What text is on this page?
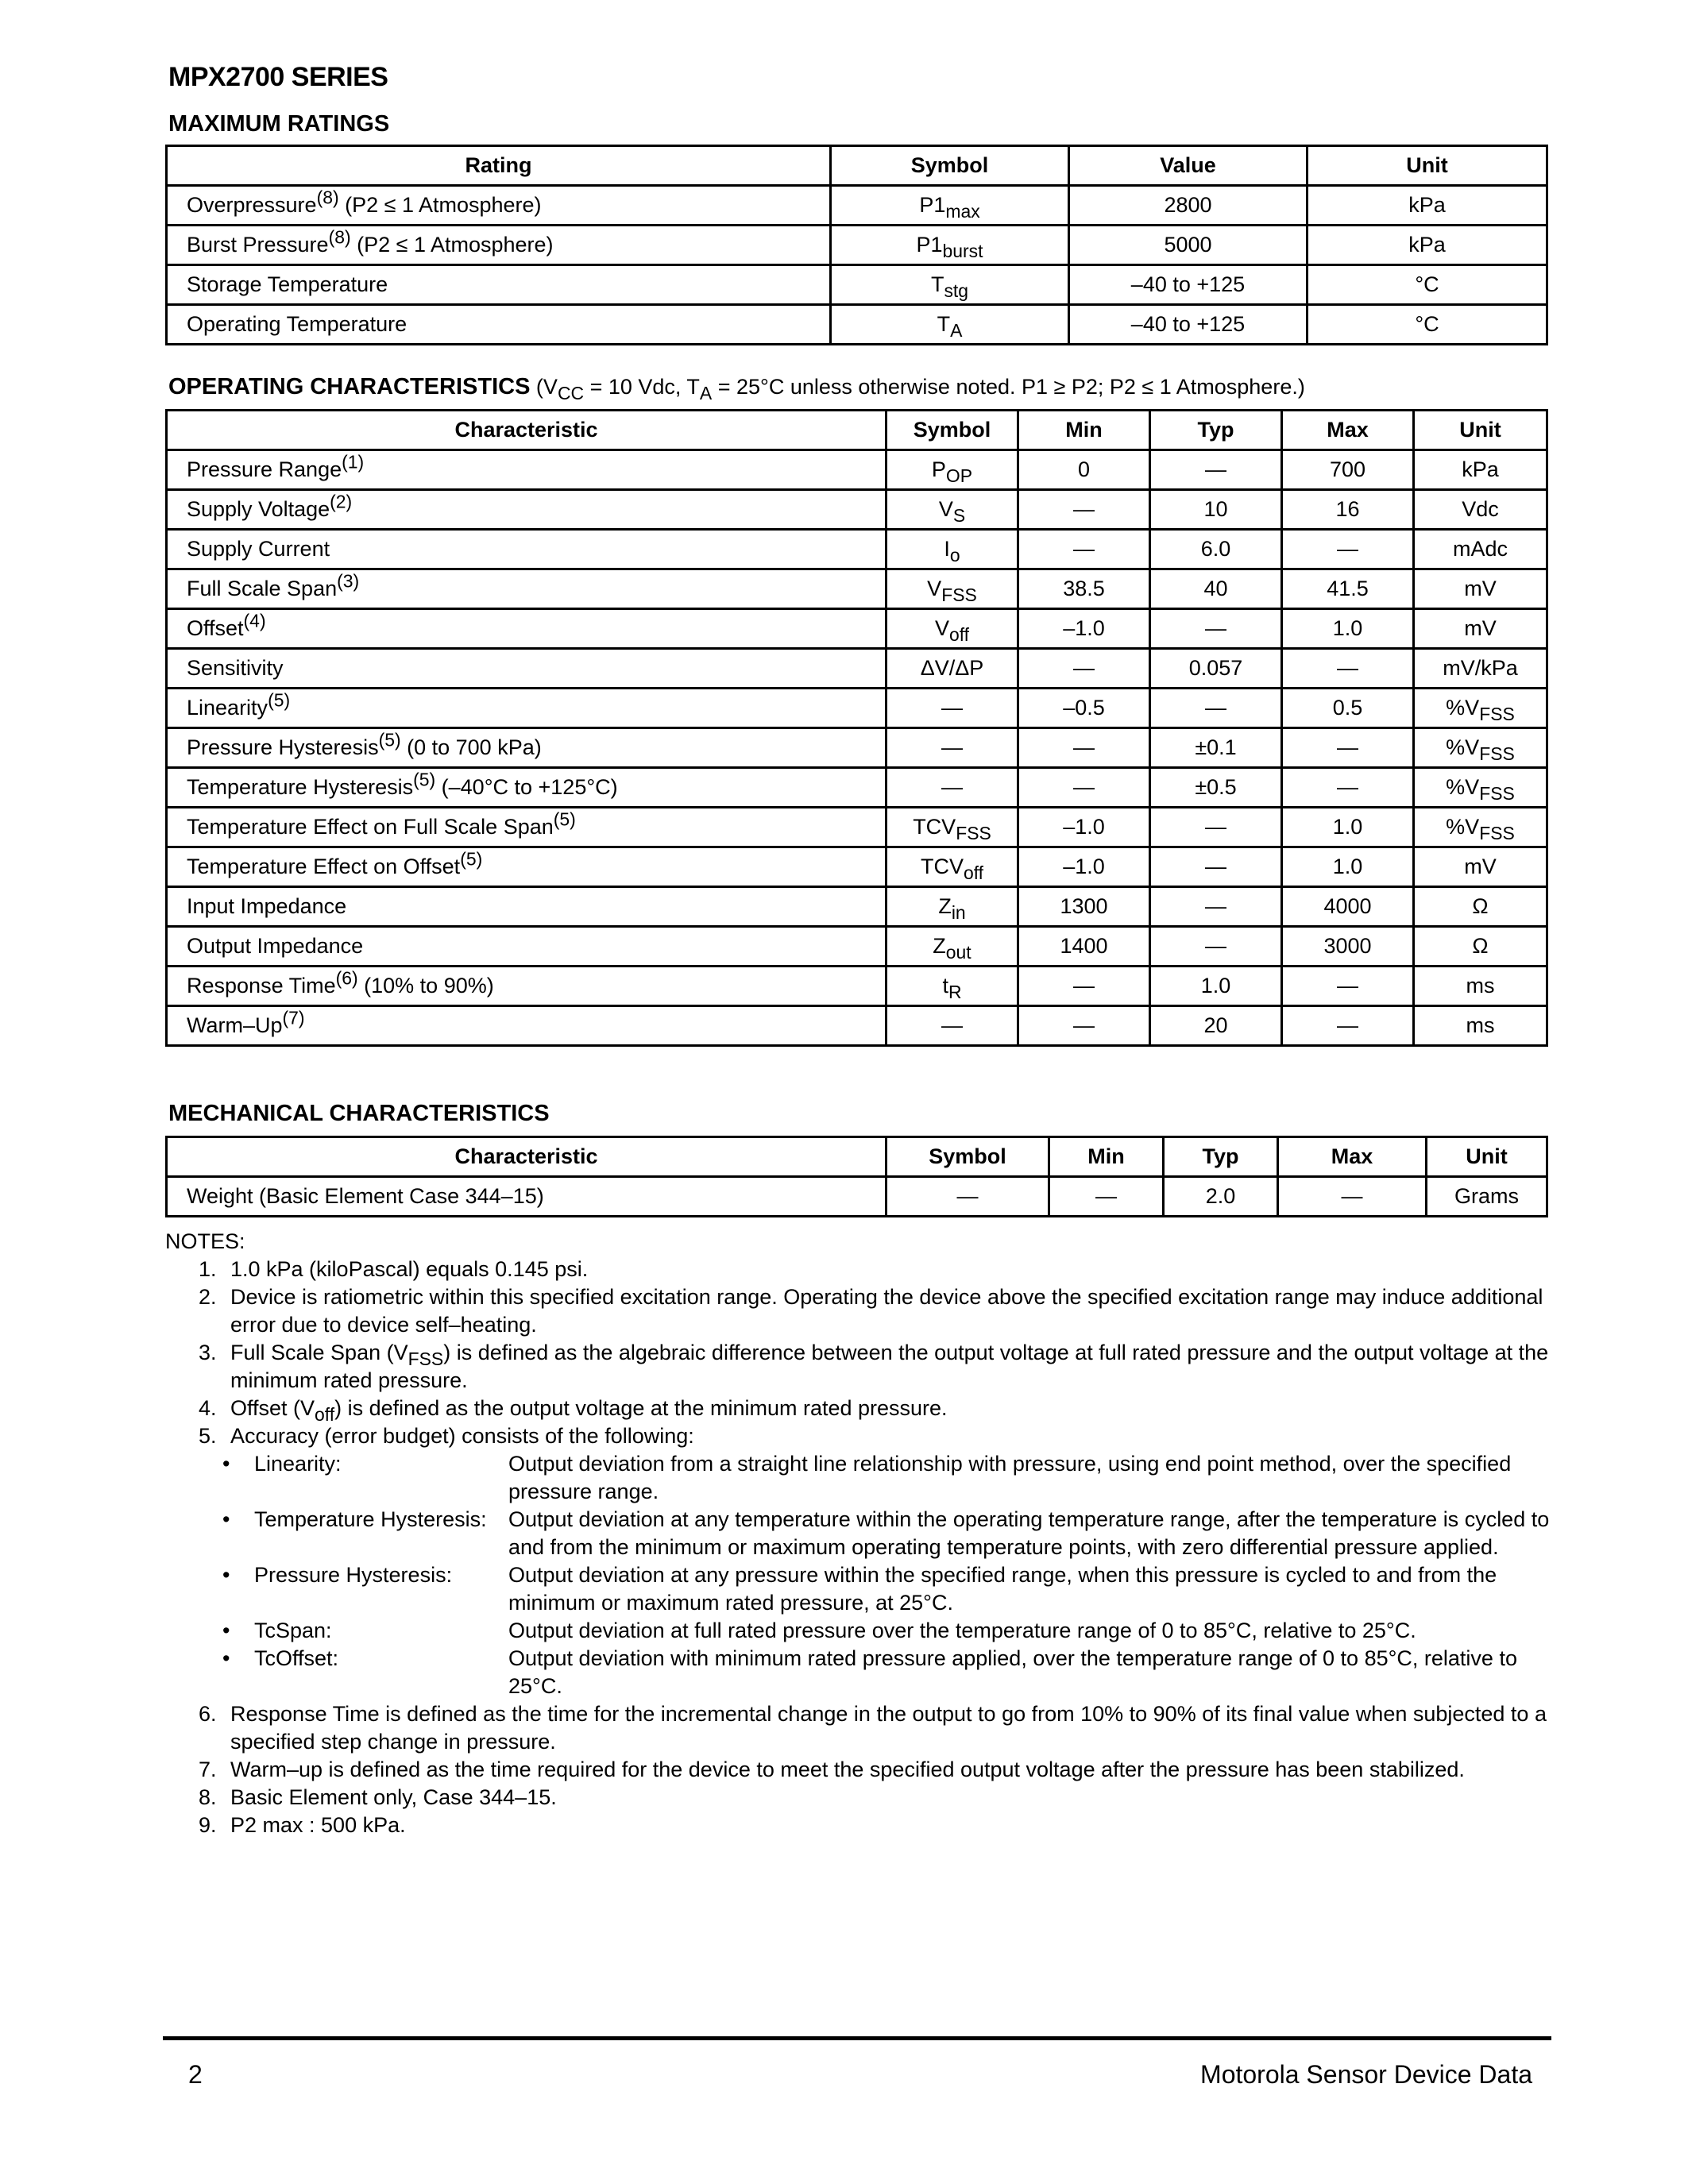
MPX2700 SERIES
MAXIMUM RATINGS
Rating	Symbol	Value	Unit
Overpressure$^{(8)}$ (P2 ≤ 1 Atmosphere)	$P1_{max}$	2800	kPa
Burst Pressure$^{(8)}$ (P2 ≤ 1 Atmosphere)	$P1_{burst}$	5000	kPa
Storage Temperature	$T_{stg}$	–40 to +125	°C
Operating Temperature	$T_A$	–40 to +125	°C
OPERATING CHARACTERISTICS ($V_{CC} = 10$ Vdc, $T_A = 25^\circ C$ unless otherwise noted. P1 ≥ P2; P2 ≤ 1 Atmosphere.)
Characteristic	Symbol	Min	Typ	Max	Unit
Pressure Range$^{(1)}$	$P_{OP}$	0	—	700	kPa
Supply Voltage$^{(2)}$	$V_S$	—	10	16	Vdc
Supply Current	$I_o$	—	6.0	—	mAdc
Full Scale Span$^{(3)}$	$V_{FSS}$	38.5	40	41.5	mV
Offset$^{(4)}$	$V_{off}$	–1.0	—	1.0	mV
Sensitivity	ΔV/ΔP	—	0.057	—	mV/kPa
Linearity$^{(5)}$	—	–0.5	—	0.5	$\%V_{FSS}$
Pressure Hysteresis$^{(5)}$ (0 to 700 kPa)	—	—	±0.1	—	$\%V_{FSS}$
Temperature Hysteresis$^{(5)}$ (–40°C to +125°C)	—	—	±0.5	—	$\%V_{FSS}$
Temperature Effect on Full Scale Span$^{(5)}$	$TCV_{FSS}$	–1.0	—	1.0	$\%V_{FSS}$
Temperature Effect on Offset$^{(5)}$	$TCV_{off}$	–1.0	—	1.0	mV
Input Impedance	$Z_{in}$	1300	—	4000	Ω
Output Impedance	$Z_{out}$	1400	—	3000	Ω
Response Time$^{(6)}$ (10% to 90%)	$t_R$	—	1.0	—	ms
Warm–Up$^{(7)}$	—	—	20	—	ms
MECHANICAL CHARACTERISTICS
Characteristic	Symbol	Min	Typ	Max	Unit
Weight (Basic Element Case 344–15)	—	—	2.0	—	Grams
NOTES:
1. 1.0 kPa (kiloPascal) equals 0.145 psi.
2. Device is ratiometric within this specified excitation range. Operating the device above the specified excitation range may induce additional error due to device self–heating.
3. Full Scale Span $(V_{FSS})$ is defined as the algebraic difference between the output voltage at full rated pressure and the output voltage at the minimum rated pressure.
4. Offset $(V_{off})$ is defined as the output voltage at the minimum rated pressure.
5. Accuracy (error budget) consists of the following:
• Linearity:	Output deviation from a straight line relationship with pressure, using end point method, over the specified pressure range.
• Temperature Hysteresis: Output deviation at any temperature within the operating temperature range, after the temperature is cycled to and from the minimum or maximum operating temperature points, with zero differential pressure applied.
• Pressure Hysteresis:	Output deviation at any pressure within the specified range, when this pressure is cycled to and from the minimum or maximum rated pressure, at 25°C.
• TcSpan:	Output deviation at full rated pressure over the temperature range of 0 to 85°C, relative to 25°C.
• TcOffset:	Output deviation with minimum rated pressure applied, over the temperature range of 0 to 85°C, relative to 25°C.
6. Response Time is defined as the time for the incremental change in the output to go from 10% to 90% of its final value when subjected to a specified step change in pressure.
7. Warm–up is defined as the time required for the device to meet the specified output voltage after the pressure has been stabilized.
8. Basic Element only, Case 344–15.
9. P2 max : 500 kPa.
2	Motorola Sensor Device Data
